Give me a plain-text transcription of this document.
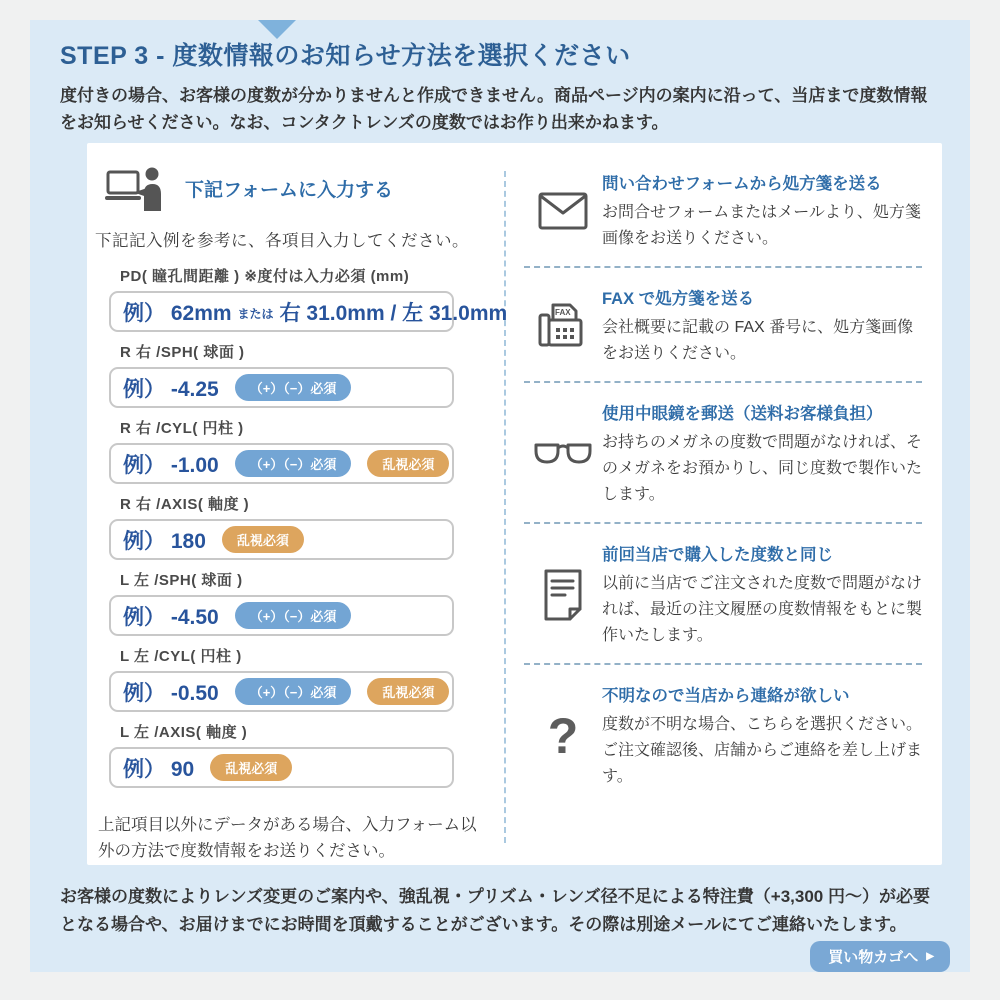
STEP 3 - 度数情報のお知らせ方法を選択ください

度付きの場合、お客様の度数が分かりませんと作成できません。商品ページ内の案内に沿って、当店まで度数情報をお知らせください。なお、コンタクトレンズの度数ではお作り出来かねます。

下記フォームに入力する

下記記入例を参考に、各項目入力してください。

PD( 瞳孔間距離 ) ※度付は入力必須 (mm)
例） 62mm または 右 31.0mm / 左 31.0mm
R 右 /SPH( 球面 )
例） -4.25	（+）（−）必須
R 右 /CYL( 円柱 )
例） -1.00	（+）（−）必須	乱視必須
R 右 /AXIS( 軸度 )
例） 180	乱視必須
L 左 /SPH( 球面 )
例） -4.50	（+）（−）必須
L 左 /CYL( 円柱 )
例） -0.50	（+）（−）必須	乱視必須
L 左 /AXIS( 軸度 )
例） 90	乱視必須

上記項目以外にデータがある場合、入力フォーム以外の方法で度数情報をお送りください。

問い合わせフォームから処方箋を送る
お問合せフォームまたはメールより、処方箋画像をお送りください。
FAX
FAX で処方箋を送る
会社概要に記載の FAX 番号に、処方箋画像をお送りください。
使用中眼鏡を郵送（送料お客様負担）
お持ちのメガネの度数で問題がなければ、そのメガネをお預かりし、同じ度数で製作いたします。
前回当店で購入した度数と同じ
以前に当店でご注文された度数で問題がなければ、最近の注文履歴の度数情報をもとに製作いたします。
?
不明なので当店から連絡が欲しい
度数が不明な場合、こちらを選択ください。ご注文確認後、店舗からご連絡を差し上げます。

お客様の度数によりレンズ変更のご案内や、強乱視・プリズム・レンズ径不足による特注費（+3,300 円〜）が必要となる場合や、お届けまでにお時間を頂戴することがございます。その際は別途メールにてご連絡いたします。

買い物カゴへ ▶
